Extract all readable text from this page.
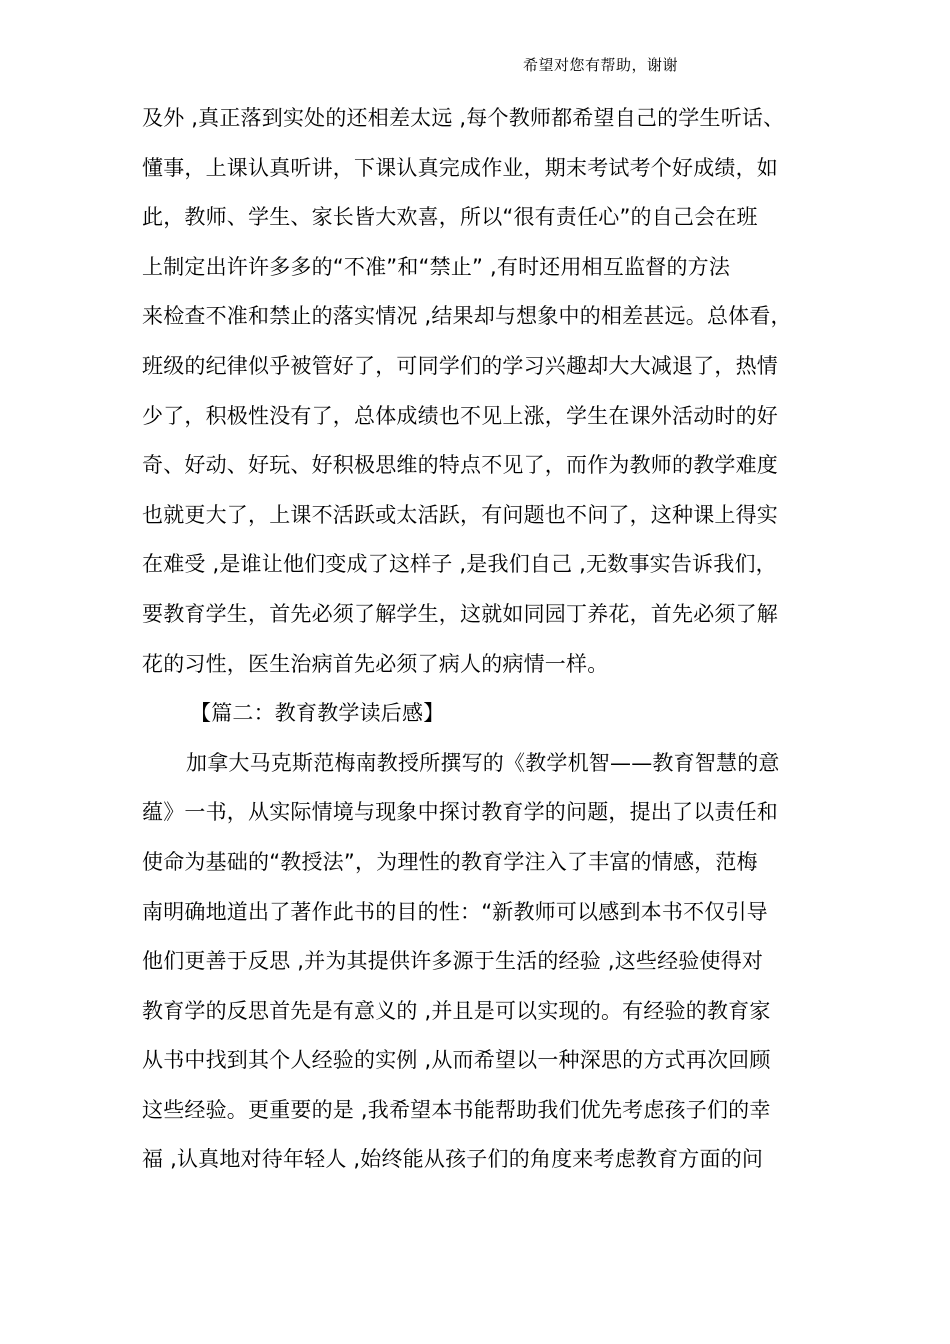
希望对您有帮助，谢谢
及外 ,真正落到实处的还相差太远 ,每个教师都希望自己的学生听话、
懂事，上课认真听讲，下课认真完成作业，期末考试考个好成绩，如
此，教师、学生、家长皆大欢喜，所以“很有责任心”的自己会在班
上制定出许许多多的“不准”和“禁止” ,有时还用相互监督的方法
来检查不准和禁止的落实情况 ,结果却与想象中的相差甚远。总体看，
班级的纪律似乎被管好了，可同学们的学习兴趣却大大减退了，热情
少了，积极性没有了，总体成绩也不见上涨，学生在课外活动时的好
奇、好动、好玩、好积极思维的特点不见了，而作为教师的教学难度
也就更大了，上课不活跃或太活跃，有问题也不问了，这种课上得实
在难受 ,是谁让他们变成了这样子 ,是我们自己 ,无数事实告诉我们，
要教育学生，首先必须了解学生，这就如同园丁养花，首先必须了解
花的习性，医生治病首先必须了病人的病情一样。
【篇二：教育教学读后感】
加拿大马克斯范梅南教授所撰写的《教学机智——教育智慧的意
蕴》一书，从实际情境与现象中探讨教育学的问题，提出了以责任和
使命为基础的“教授法”，为理性的教育学注入了丰富的情感，范梅
南明确地道出了著作此书的目的性：“新教师可以感到本书不仅引导
他们更善于反思 ,并为其提供许多源于生活的经验 ,这些经验使得对
教育学的反思首先是有意义的 ,并且是可以实现的。有经验的教育家
从书中找到其个人经验的实例 ,从而希望以一种深思的方式再次回顾
这些经验。更重要的是 ,我希望本书能帮助我们优先考虑孩子们的幸
福 ,认真地对待年轻人 ,始终能从孩子们的角度来考虑教育方面的问
